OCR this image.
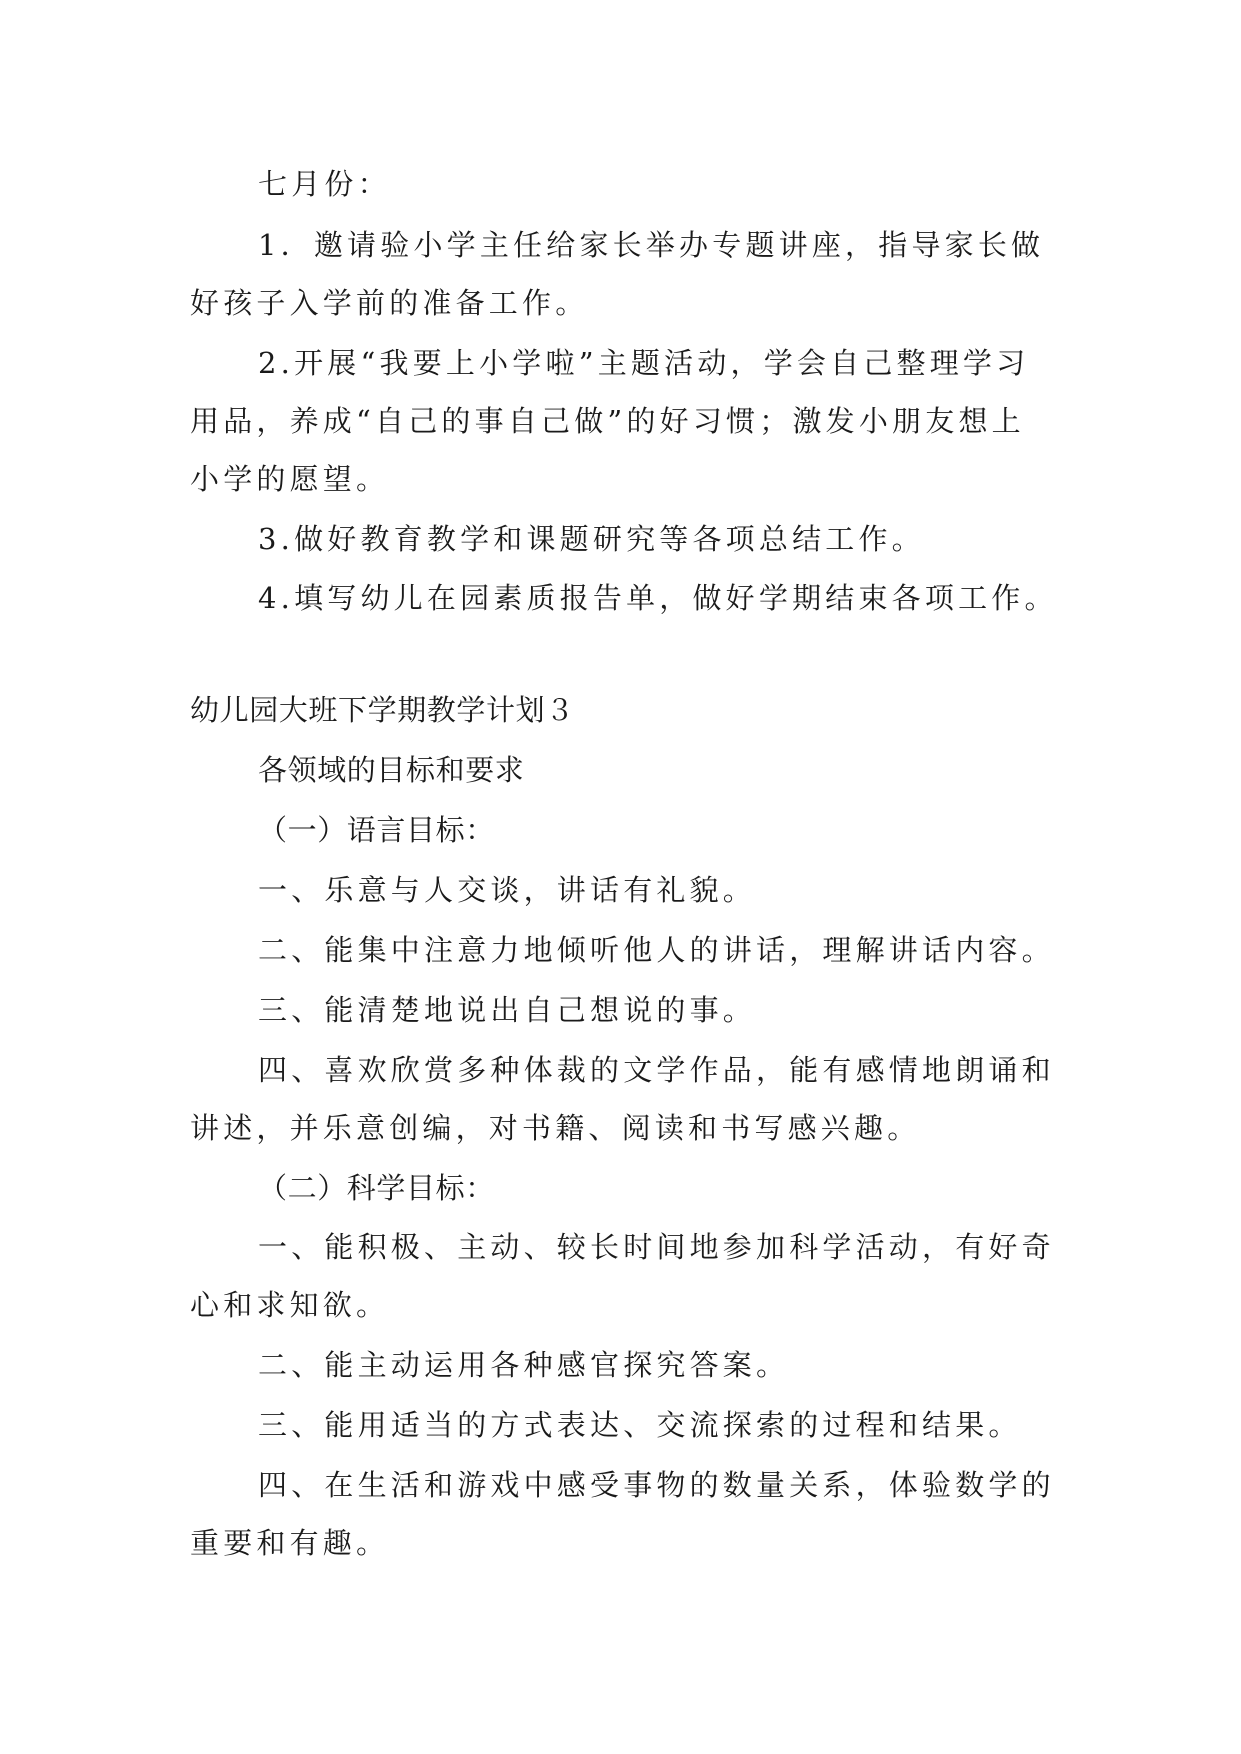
七月份：

1．邀请验小学主任给家长举办专题讲座，指导家长做

好孩子入学前的准备工作。

2.开展“我要上小学啦”主题活动，学会自己整理学习

用品，养成“自己的事自己做”的好习惯；激发小朋友想上

小学的愿望。

3.做好教育教学和课题研究等各项总结工作。

4.填写幼儿在园素质报告单，做好学期结束各项工作。

幼儿园大班下学期教学计划３

各领域的目标和要求

（一）语言目标：

一、乐意与人交谈，讲话有礼貌。

二、能集中注意力地倾听他人的讲话，理解讲话内容。

三、能清楚地说出自己想说的事。

四、喜欢欣赏多种体裁的文学作品，能有感情地朗诵和

讲述，并乐意创编，对书籍、阅读和书写感兴趣。

（二）科学目标：

一、能积极、主动、较长时间地参加科学活动，有好奇

心和求知欲。

二、能主动运用各种感官探究答案。

三、能用适当的方式表达、交流探索的过程和结果。

四、在生活和游戏中感受事物的数量关系，体验数学的

重要和有趣。
